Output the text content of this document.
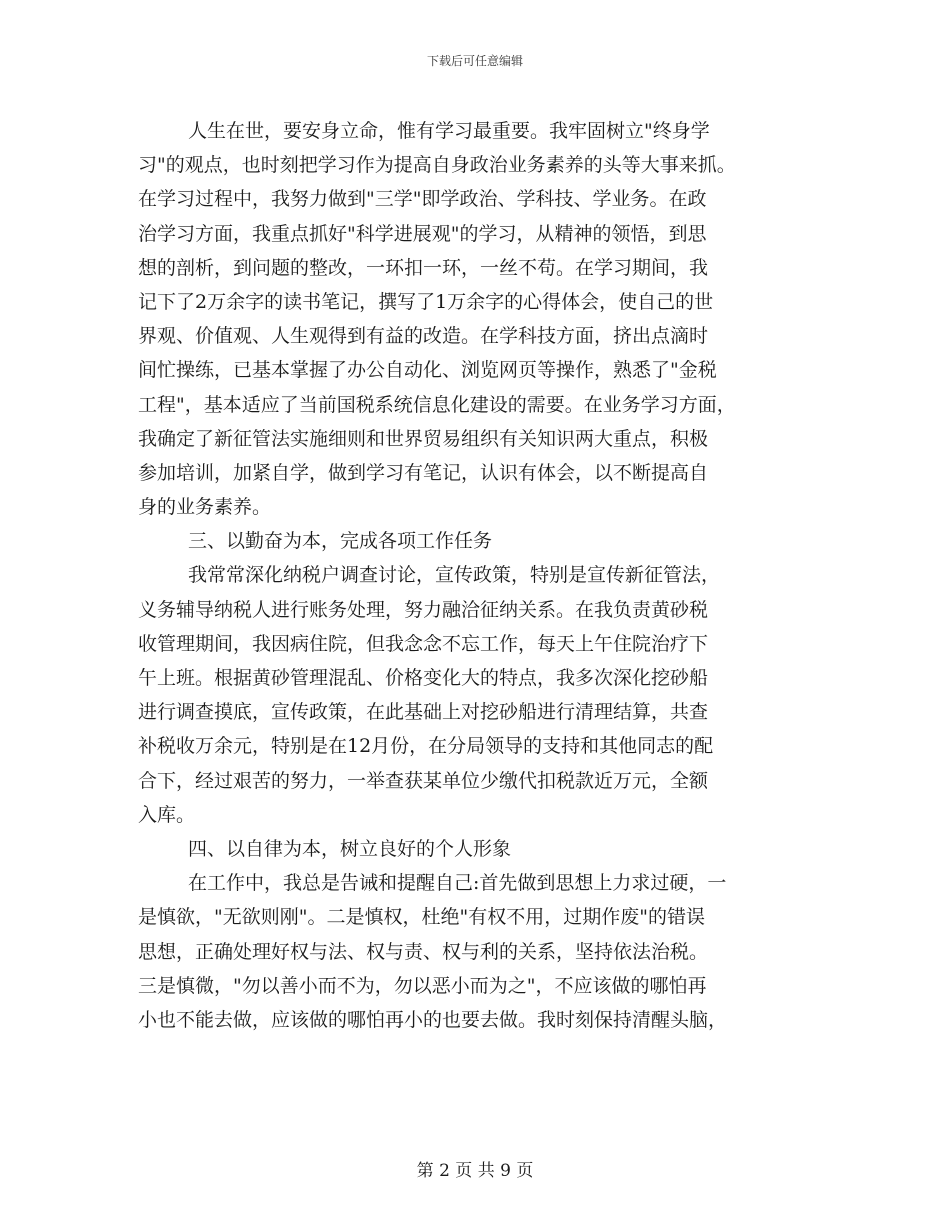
下载后可任意编辑
人生在世，要安身立命，惟有学习最重要。我牢固树立"终身学
习"的观点，也时刻把学习作为提高自身政治业务素养的头等大事来抓。
在学习过程中，我努力做到"三学"即学政治、学科技、学业务。在政
治学习方面，我重点抓好"科学进展观"的学习，从精神的领悟，到思
想的剖析，到问题的整改，一环扣一环，一丝不苟。在学习期间，我
记下了2万余字的读书笔记，撰写了1万余字的心得体会，使自己的世
界观、价值观、人生观得到有益的改造。在学科技方面，挤出点滴时
间忙操练，已基本掌握了办公自动化、浏览网页等操作，熟悉了"金税
工程"，基本适应了当前国税系统信息化建设的需要。在业务学习方面，
我确定了新征管法实施细则和世界贸易组织有关知识两大重点，积极
参加培训，加紧自学，做到学习有笔记，认识有体会，以不断提高自
身的业务素养。
三、以勤奋为本，完成各项工作任务
我常常深化纳税户调查讨论，宣传政策，特别是宣传新征管法，
义务辅导纳税人进行账务处理，努力融洽征纳关系。在我负责黄砂税
收管理期间，我因病住院，但我念念不忘工作，每天上午住院治疗下
午上班。根据黄砂管理混乱、价格变化大的特点，我多次深化挖砂船
进行调查摸底，宣传政策，在此基础上对挖砂船进行清理结算，共查
补税收万余元，特别是在12月份，在分局领导的支持和其他同志的配
合下，经过艰苦的努力，一举查获某单位少缴代扣税款近万元，全额
入库。
四、以自律为本，树立良好的个人形象
在工作中，我总是告诫和提醒自己:首先做到思想上力求过硬，一
是慎欲，"无欲则刚"。二是慎权，杜绝"有权不用，过期作废"的错误
思想，正确处理好权与法、权与责、权与利的关系，坚持依法治税。
三是慎微，"勿以善小而不为，勿以恶小而为之"，不应该做的哪怕再
小也不能去做，应该做的哪怕再小的也要去做。我时刻保持清醒头脑，
第 2 页 共 9 页
